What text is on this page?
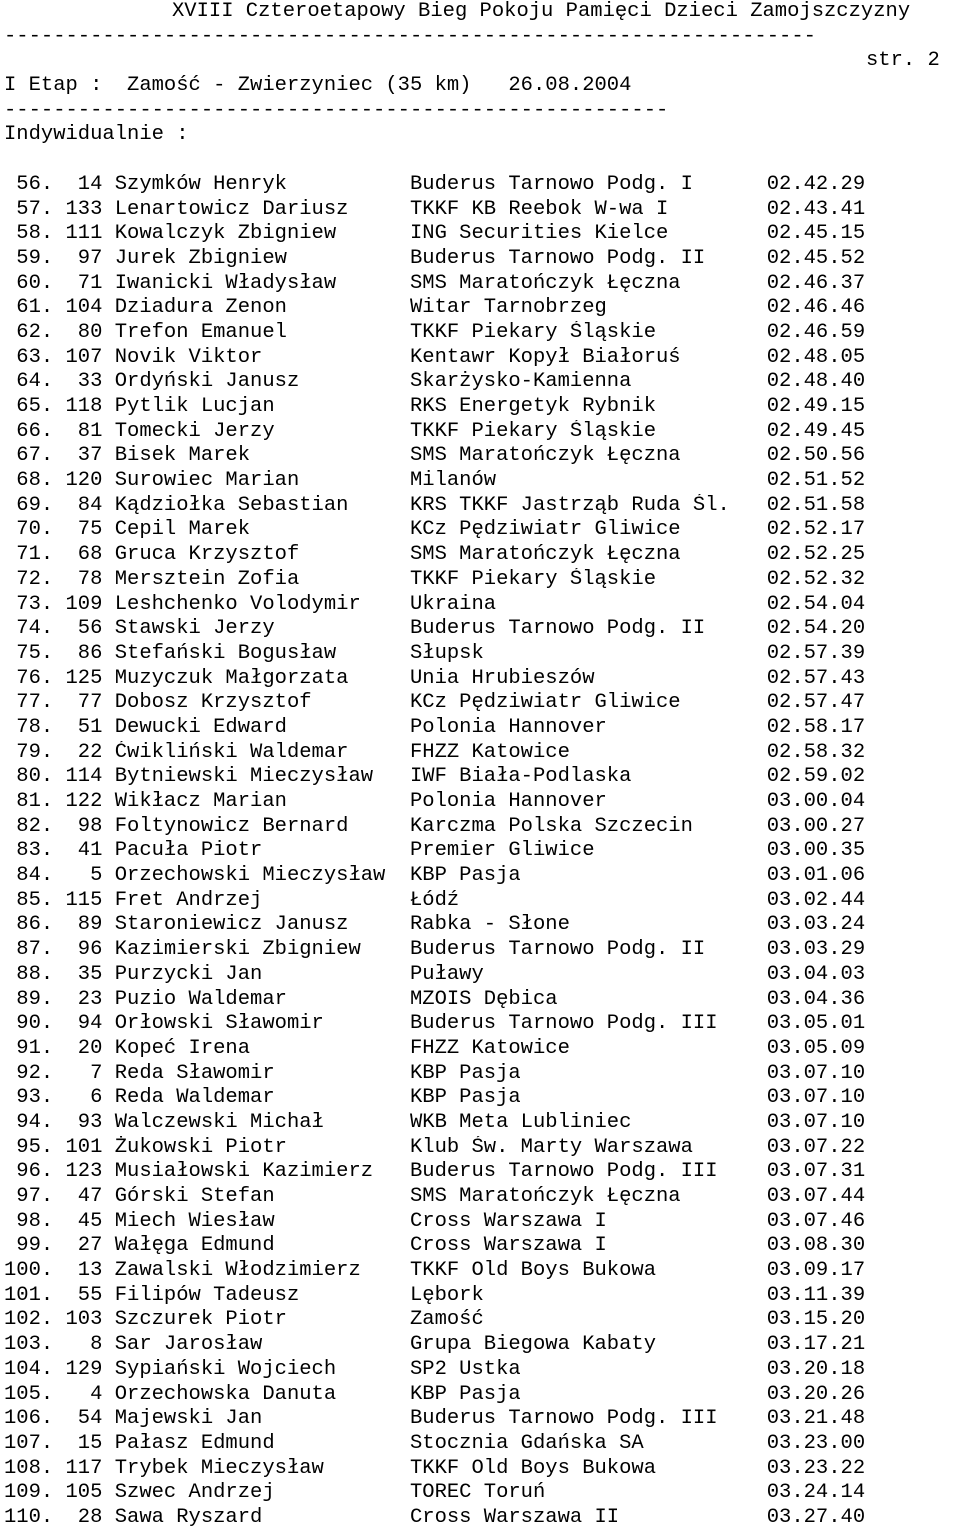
XVIII Czteroetapowy Bieg Pokoju Pamięci Dzieci Zamojszczyzny
------------------------------------------------------------------

str. 2

I Etap :  Zamość - Zwierzyniec (35 km)   26.08.2004
------------------------------------------------------
Indywidualnie :
56.  14 Szymków Henryk          Buderus Tarnowo Podg. I      02.42.29
57. 133 Lenartowicz Dariusz     TKKF KB Reebok W-wa I        02.43.41
58. 111 Kowalczyk Zbigniew      ING Securities Kielce        02.45.15
59.  97 Jurek Zbigniew          Buderus Tarnowo Podg. II     02.45.52
60.  71 Iwanicki Władysław      SMS Maratończyk Łęczna       02.46.37
61. 104 Dziadura Zenon          Witar Tarnobrzeg             02.46.46
62.  80 Trefon Emanuel          TKKF Piekary Śląskie         02.46.59
63. 107 Novik Viktor            Kentawr Kopył Białoruś       02.48.05
64.  33 Ordyński Janusz         Skarżysko-Kamienna           02.48.40
65. 118 Pytlik Lucjan           RKS Energetyk Rybnik         02.49.15
66.  81 Tomecki Jerzy           TKKF Piekary Śląskie         02.49.45
67.  37 Bisek Marek             SMS Maratończyk Łęczna       02.50.56
68. 120 Surowiec Marian         Milanów                      02.51.52
69.  84 Kądziołka Sebastian     KRS TKKF Jastrząb Ruda Śl.   02.51.58
70.  75 Cepil Marek             KCz Pędziwiatr Gliwice       02.52.17
71.  68 Gruca Krzysztof         SMS Maratończyk Łęczna       02.52.25
72.  78 Mersztein Zofia         TKKF Piekary Śląskie         02.52.32
73. 109 Leshchenko Volodymir    Ukraina                      02.54.04
74.  56 Stawski Jerzy           Buderus Tarnowo Podg. II     02.54.20
75.  86 Stefański Bogusław      Słupsk                       02.57.39
76. 125 Muzyczuk Małgorzata     Unia Hrubieszów              02.57.43
77.  77 Dobosz Krzysztof        KCz Pędziwiatr Gliwice       02.57.47
78.  51 Dewucki Edward          Polonia Hannover             02.58.17
79.  22 Ćwikliński Waldemar     FHZZ Katowice                02.58.32
80. 114 Bytniewski Mieczysław   IWF Biała-Podlaska           02.59.02
81. 122 Wikłacz Marian          Polonia Hannover             03.00.04
82.  98 Foltynowicz Bernard     Karczma Polska Szczecin      03.00.27
83.  41 Pacuła Piotr            Premier Gliwice              03.00.35
84.   5 Orzechowski Mieczysław  KBP Pasja                    03.01.06
85. 115 Fret Andrzej            Łódź                         03.02.44
86.  89 Staroniewicz Janusz     Rabka - Słone                03.03.24
87.  96 Kazimierski Zbigniew    Buderus Tarnowo Podg. II     03.03.29
88.  35 Purzycki Jan            Puławy                       03.04.03
89.  23 Puzio Waldemar          MZOIS Dębica                 03.04.36
90.  94 Orłowski Sławomir       Buderus Tarnowo Podg. III    03.05.01
91.  20 Kopeć Irena             FHZZ Katowice                03.05.09
92.   7 Reda Sławomir           KBP Pasja                    03.07.10
93.   6 Reda Waldemar           KBP Pasja                    03.07.10
94.  93 Walczewski Michał       WKB Meta Lubliniec           03.07.10
95. 101 Żukowski Piotr          Klub Św. Marty Warszawa      03.07.22
96. 123 Musiałowski Kazimierz   Buderus Tarnowo Podg. III    03.07.31
97.  47 Górski Stefan           SMS Maratończyk Łęczna       03.07.44
98.  45 Miech Wiesław           Cross Warszawa I             03.07.46
99.  27 Wałęga Edmund           Cross Warszawa I             03.08.30
100.  13 Zawalski Włodzimierz    TKKF Old Boys Bukowa         03.09.17
101.  55 Filipów Tadeusz         Lębork                       03.11.39
102. 103 Szczurek Piotr          Zamość                       03.15.20
103.   8 Sar Jarosław            Grupa Biegowa Kabaty         03.17.21
104. 129 Sypiański Wojciech      SP2 Ustka                    03.20.18
105.   4 Orzechowska Danuta      KBP Pasja                    03.20.26
106.  54 Majewski Jan            Buderus Tarnowo Podg. III    03.21.48
107.  15 Pałasz Edmund           Stocznia Gdańska SA          03.23.00
108. 117 Trybek Mieczysław       TKKF Old Boys Bukowa         03.23.22
109. 105 Szwec Andrzej           TOREC Toruń                  03.24.14
110.  28 Sawa Ryszard            Cross Warszawa II            03.27.40
